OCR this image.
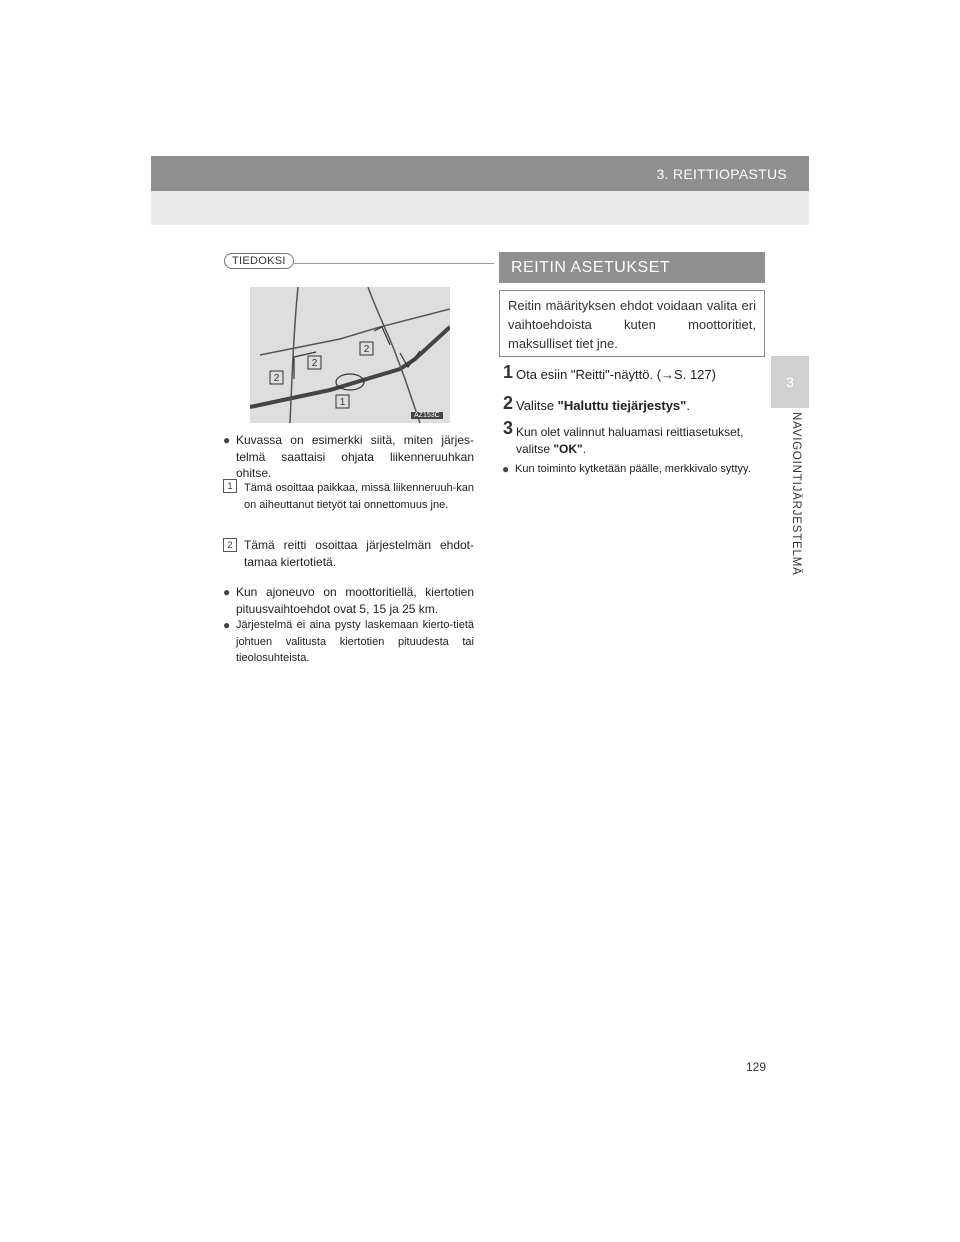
3. REITTIOPASTUS
3
NAVIGOINTIJÄRJESTELMÄ
TIEDOKSI
1
2
2
2
AZ153C
● Kuvassa on esimerkki siitä, miten järjes-telmä saattaisi ohjata liikenneruuhkan ohitse.
1	Tämä osoittaa paikkaa, missä liikenneruuh-kan on aiheuttanut tietyöt tai onnettomuus jne.
2 Tämä reitti osoittaa järjestelmän ehdot-tamaa kiertotietä.
● Kun ajoneuvo on moottoritiellä, kiertotien pituusvaihtoehdot ovat 5, 15 ja 25 km.
● Järjestelmä ei aina pysty laskemaan kierto-tietä johtuen valitusta kiertotien pituudesta tai tieolosuhteista.
REITIN ASETUKSET
Reitin määrityksen ehdot voidaan valita eri vaihtoehdoista kuten moottoritiet, maksulliset tiet jne.
1 Ota esiin "Reitti"-näyttö. (→S. 127)
2 Valitse "Haluttu tiejärjestys".
3 Kun olet valinnut haluamasi reittiasetukset,
valitse "OK".
● Kun toiminto kytketään päälle, merkkivalo syttyy.
129
